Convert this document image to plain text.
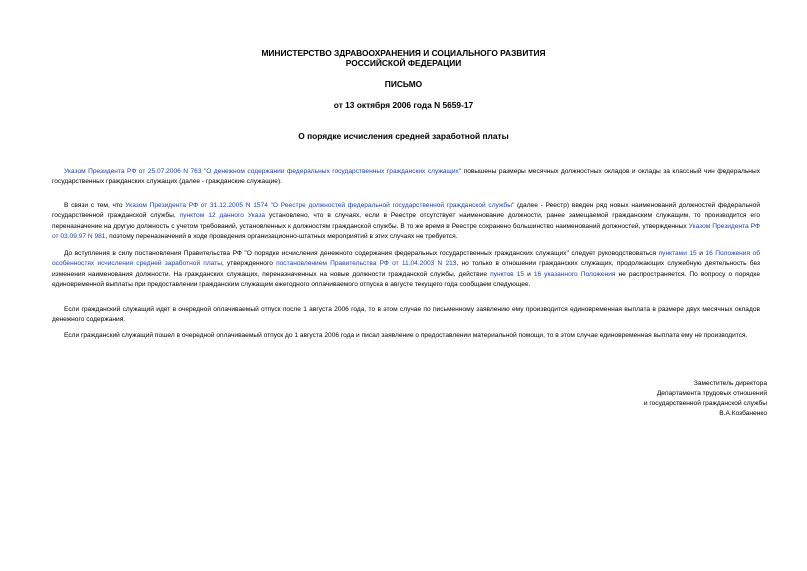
МИНИСТЕРСТВО ЗДРАВООХРАНЕНИЯ И СОЦИАЛЬНОГО РАЗВИТИЯ
РОССИЙСКОЙ ФЕДЕРАЦИИ
ПИСЬМО
от 13 октября 2006 года N 5659-17
О порядке исчисления средней заработной платы

Указом Президента РФ от 25.07.2006 N 763 "О денежном содержании федеральных государственных гражданских служащих" повышены размеры месячных должностных окладов и оклады за классный чин федеральных государственных гражданских служащих (далее - гражданские служащие).

В связи с тем, что Указом Президента РФ от 31.12.2005 N 1574 "О Реестре должностей федеральной государственной гражданской службы" (далее - Реестр) введен ряд новых наименований должностей федеральной государственной гражданской службы, пунктом 12 данного Указа установлено, что в случаях, если в Реестре отсутствует наименование должности, ранее замещаемой гражданским служащим, то производится его переназначение на другую должность с учетом требований, установленных к должностям гражданской службы. В то же время в Реестре сохранено большинство наименований должностей, утвержденных Указом Президента РФ от 03.09.97 N 981, поэтому переназначений в ходе проведения организационно-штатных мероприятий в этих случаях не требуется.

До вступления в силу постановления Правительства РФ "О порядке исчисления денежного содержания федеральных государственных гражданских служащих" следует руководствоваться пунктами 15 и 16 Положения об особенностях исчисления средней заработной платы, утвержденного постановлением Правительства РФ от 11.04.2003 N 213, но только в отношении гражданских служащих, продолжающих служебную деятельность без изменения наименования должности. На гражданских служащих, переназначенных на новые должности гражданской службы, действие пунктов 15 и 16 указанного Положения не распространяется. По вопросу о порядке единовременной выплаты при предоставлении гражданским служащим ежегодного оплачиваемого отпуска в августе текущего года сообщаем следующее.

Если гражданский служащий идет в очередной оплачиваемый отпуск после 1 августа 2006 года, то в этом случае по письменному заявлению ему производится единовременная выплата в размере двух месячных окладов денежного содержания.

Если гражданский служащий пошел в очередной оплачиваемый отпуск до 1 августа 2006 года и писал заявление о предоставлении материальной помощи, то в этом случае единовременная выплата ему не производится.

Заместитель директора
Департамента трудовых отношений
и государственной гражданской службы
В.А.Козбаненко
